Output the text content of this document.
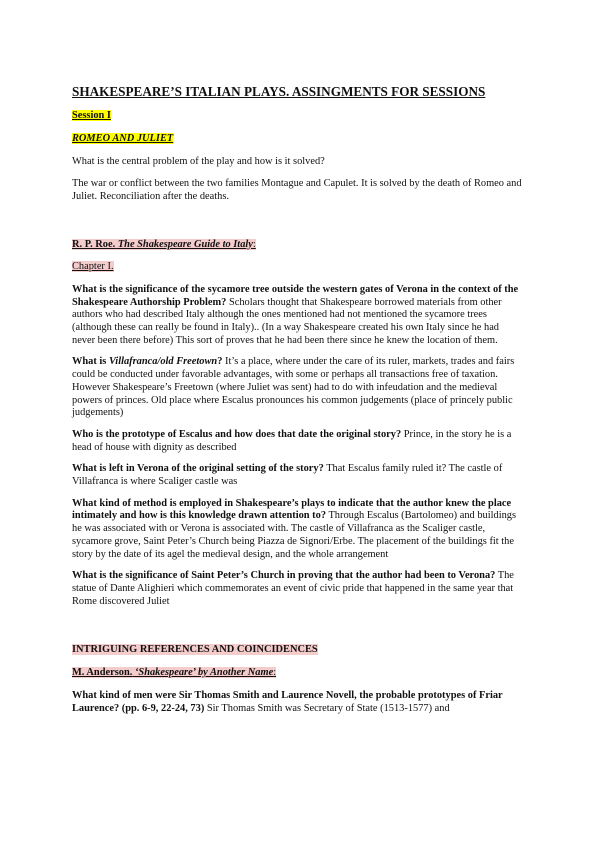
SHAKESPEARE’S ITALIAN PLAYS. ASSINGMENTS FOR SESSIONS

Session I

ROMEO AND JULIET

What is the central problem of the play and how is it solved?

The war or conflict between the two families Montague and Capulet. It is solved by the death of Romeo and Juliet. Reconciliation after the deaths.

R. P. Roe. The Shakespeare Guide to Italy:

Chapter I.

What is the significance of the sycamore tree outside the western gates of Verona in the context of the Shakespeare Authorship Problem? Scholars thought that Shakespeare borrowed materials from other authors who had described Italy although the ones mentioned had not mentioned the sycamore trees (although these can really be found in Italy).. (In a way Shakespeare created his own Italy since he had never been there before) This sort of proves that he had been there since he knew the location of them.

What is Villafranca/old Freetown? It’s a place, where under the care of its ruler, markets, trades and fairs could be conducted under favorable advantages, with some or perhaps all transactions free of taxation. However Shakespeare’s Freetown (where Juliet was sent) had to do with infeudation and the medieval powers of princes. Old place where Escalus pronounces his common judgements (place of princely public judgements)

Who is the prototype of Escalus and how does that date the original story? Prince, in the story he is a head of house with dignity as described

What is left in Verona of the original setting of the story? That Escalus family ruled it? The castle of Villafranca is where Scaliger castle was

What kind of method is employed in Shakespeare’s plays to indicate that the author knew the place intimately and how is this knowledge drawn attention to? Through Escalus (Bartolomeo) and buildings he was associated with or Verona is associated with. The castle of Villafranca as the Scaliger castle, sycamore grove, Saint Peter’s Church being Piazza de Signori/Erbe. The placement of the buildings fit the story by the date of its agel the medieval design, and the whole arrangement

What is the significance of Saint Peter’s Church in proving that the author had been to Verona? The statue of Dante Alighieri which commemorates an event of civic pride that happened in the same year that Rome discovered Juliet

INTRIGUING REFERENCES AND COINCIDENCES

M. Anderson. ‘Shakespeare’ by Another Name:

What kind of men were Sir Thomas Smith and Laurence Novell, the probable prototypes of Friar Laurence? (pp. 6-9, 22-24, 73) Sir Thomas Smith was Secretary of State (1513-1577) and
